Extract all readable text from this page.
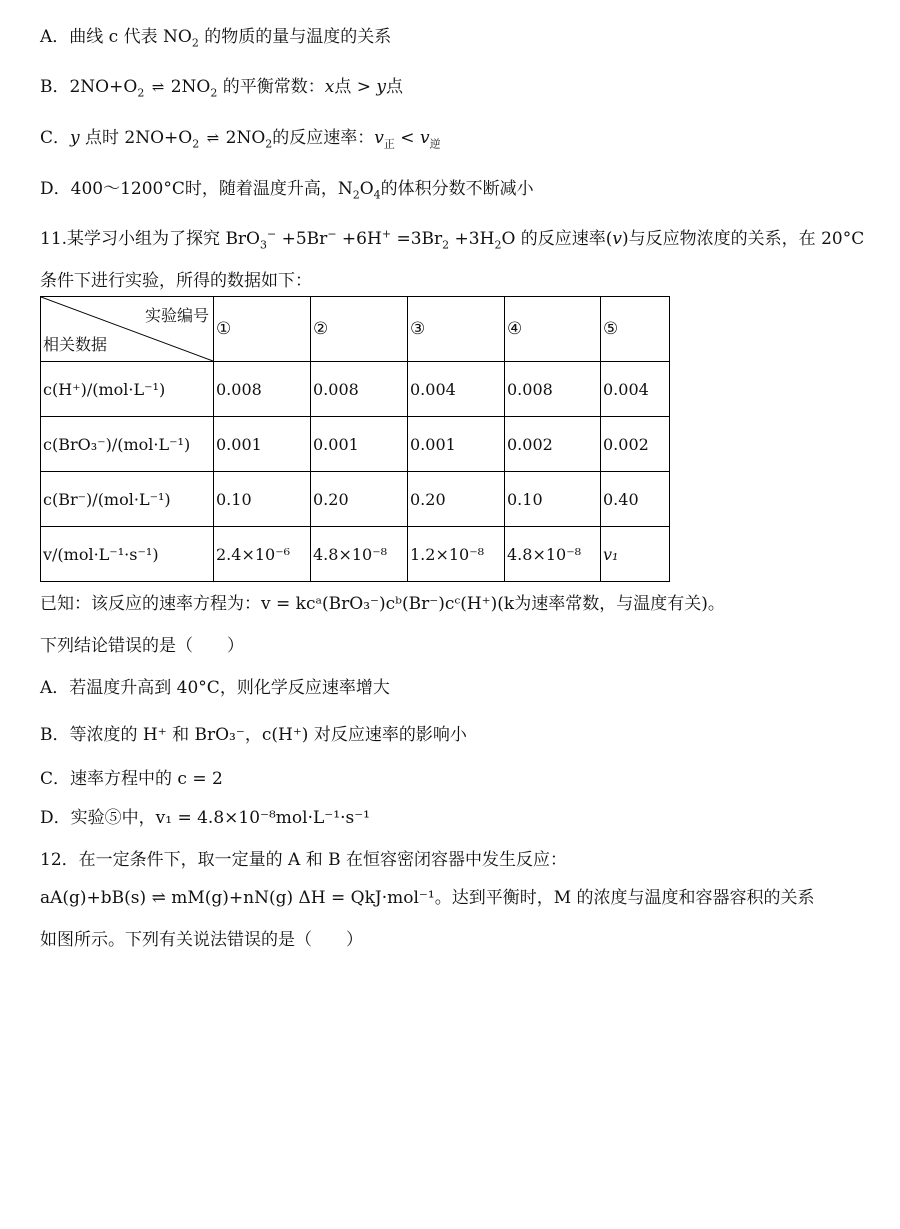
A．曲线 c 代表 $NO_2$ 的物质的量与温度的关系
B．$2NO+O_2$ ⇌ $2NO_2$ 的平衡常数：x点 > y点
C．y 点时 $2NO+O_2$ ⇌ $2NO_2$的反应速率：$v_正 < v_逆$
D．400～1200°C时，随着温度升高，$N_2O_4$的体积分数不断减小
11.某学习小组为了探究 $BrO_3^- +5Br^- +6H^+ =3Br_2 +3H_2O$ 的反应速率(v)与反应物浓度的关系，在 20°C
条件下进行实验，所得的数据如下：
实验编号
相关数据	①	②	③	④	⑤
c(H⁺)/(mol·L⁻¹)	0.008	0.008	0.004	0.008	0.004
c(BrO₃⁻)/(mol·L⁻¹)	0.001	0.001	0.001	0.002	0.002
c(Br⁻)/(mol·L⁻¹)	0.10	0.20	0.20	0.10	0.40
v/(mol·L⁻¹·s⁻¹)	2.4×10⁻⁶	4.8×10⁻⁸	1.2×10⁻⁸	4.8×10⁻⁸	v₁
已知：该反应的速率方程为：v = kcᵃ(BrO₃⁻)cᵇ(Br⁻)cᶜ(H⁺)(k为速率常数，与温度有关)。
下列结论错误的是（　　）
A．若温度升高到 40°C，则化学反应速率增大
B．等浓度的 H⁺ 和 BrO₃⁻，c(H⁺) 对反应速率的影响小
C．速率方程中的 c = 2
D．实验⑤中，v₁ = 4.8×10⁻⁸mol·L⁻¹·s⁻¹
12．在一定条件下，取一定量的 A 和 B 在恒容密闭容器中发生反应：
aA(g)+bB(s) ⇌ mM(g)+nN(g) ΔH = QkJ·mol⁻¹。达到平衡时，M 的浓度与温度和容器容积的关系
如图所示。下列有关说法错误的是（　　）
